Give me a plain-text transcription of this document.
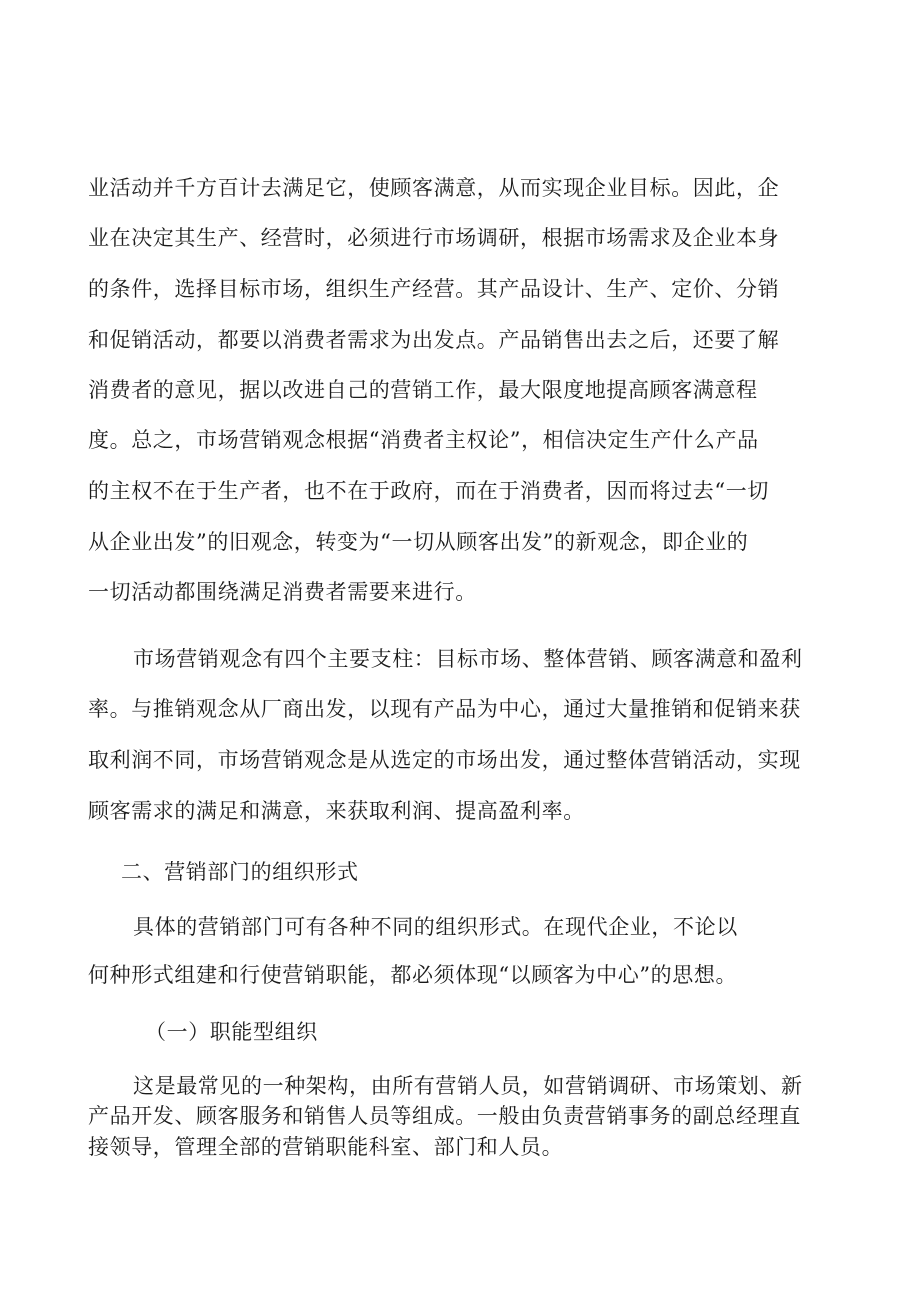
业活动并千方百计去满足它，使顾客满意，从而实现企业目标。因此，企
业在决定其生产、经营时，必须进行市场调研，根据市场需求及企业本身
的条件，选择目标市场，组织生产经营。其产品设计、生产、定价、分销
和促销活动，都要以消费者需求为出发点。产品销售出去之后，还要了解
消费者的意见，据以改进自己的营销工作，最大限度地提高顾客满意程
度。总之，市场营销观念根据“消费者主权论”，相信决定生产什么产品
的主权不在于生产者，也不在于政府，而在于消费者，因而将过去“一切
从企业出发”的旧观念，转变为“一切从顾客出发”的新观念，即企业的
一切活动都围绕满足消费者需要来进行。
市场营销观念有四个主要支柱：目标市场、整体营销、顾客满意和盈利
率。与推销观念从厂商出发，以现有产品为中心，通过大量推销和促销来获
取利润不同，市场营销观念是从选定的市场出发，通过整体营销活动，实现
顾客需求的满足和满意，来获取利润、提高盈利率。
二、营销部门的组织形式
具体的营销部门可有各种不同的组织形式。在现代企业，不论以
何种形式组建和行使营销职能，都必须体现“以顾客为中心”的思想。
（一）职能型组织
这是最常见的一种架构，由所有营销人员，如营销调研、市场策划、新
产品开发、顾客服务和销售人员等组成。一般由负责营销事务的副总经理直
接领导，管理全部的营销职能科室、部门和人员。
